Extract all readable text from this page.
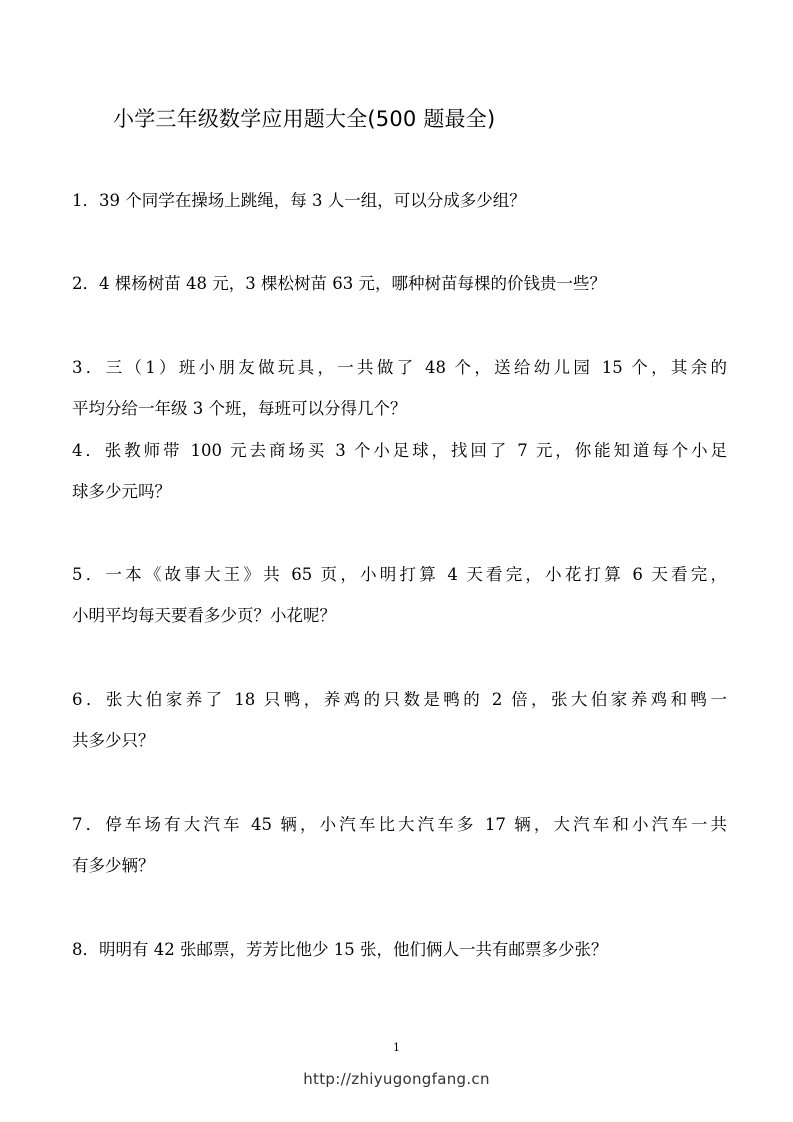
小学三年级数学应用题大全(500 题最全)
1．39 个同学在操场上跳绳，每 3 人一组，可以分成多少组？
2．4 棵杨树苗 48 元，3 棵松树苗 63 元，哪种树苗每棵的价钱贵一些？
3．三（1）班小朋友做玩具，一共做了 48 个，送给幼儿园 15 个，其余的
平均分给一年级 3 个班，每班可以分得几个？
4．张教师带 100 元去商场买 3 个小足球，找回了 7 元，你能知道每个小足
球多少元吗？
5．一本《故事大王》共 65 页，小明打算 4 天看完，小花打算 6 天看完，
小明平均每天要看多少页？小花呢？
6．张大伯家养了 18 只鸭，养鸡的只数是鸭的 2 倍，张大伯家养鸡和鸭一
共多少只？
7．停车场有大汽车 45 辆，小汽车比大汽车多 17 辆，大汽车和小汽车一共
有多少辆？
8．明明有 42 张邮票，芳芳比他少 15 张，他们俩人一共有邮票多少张？
1
http://zhiyugongfang.cn
